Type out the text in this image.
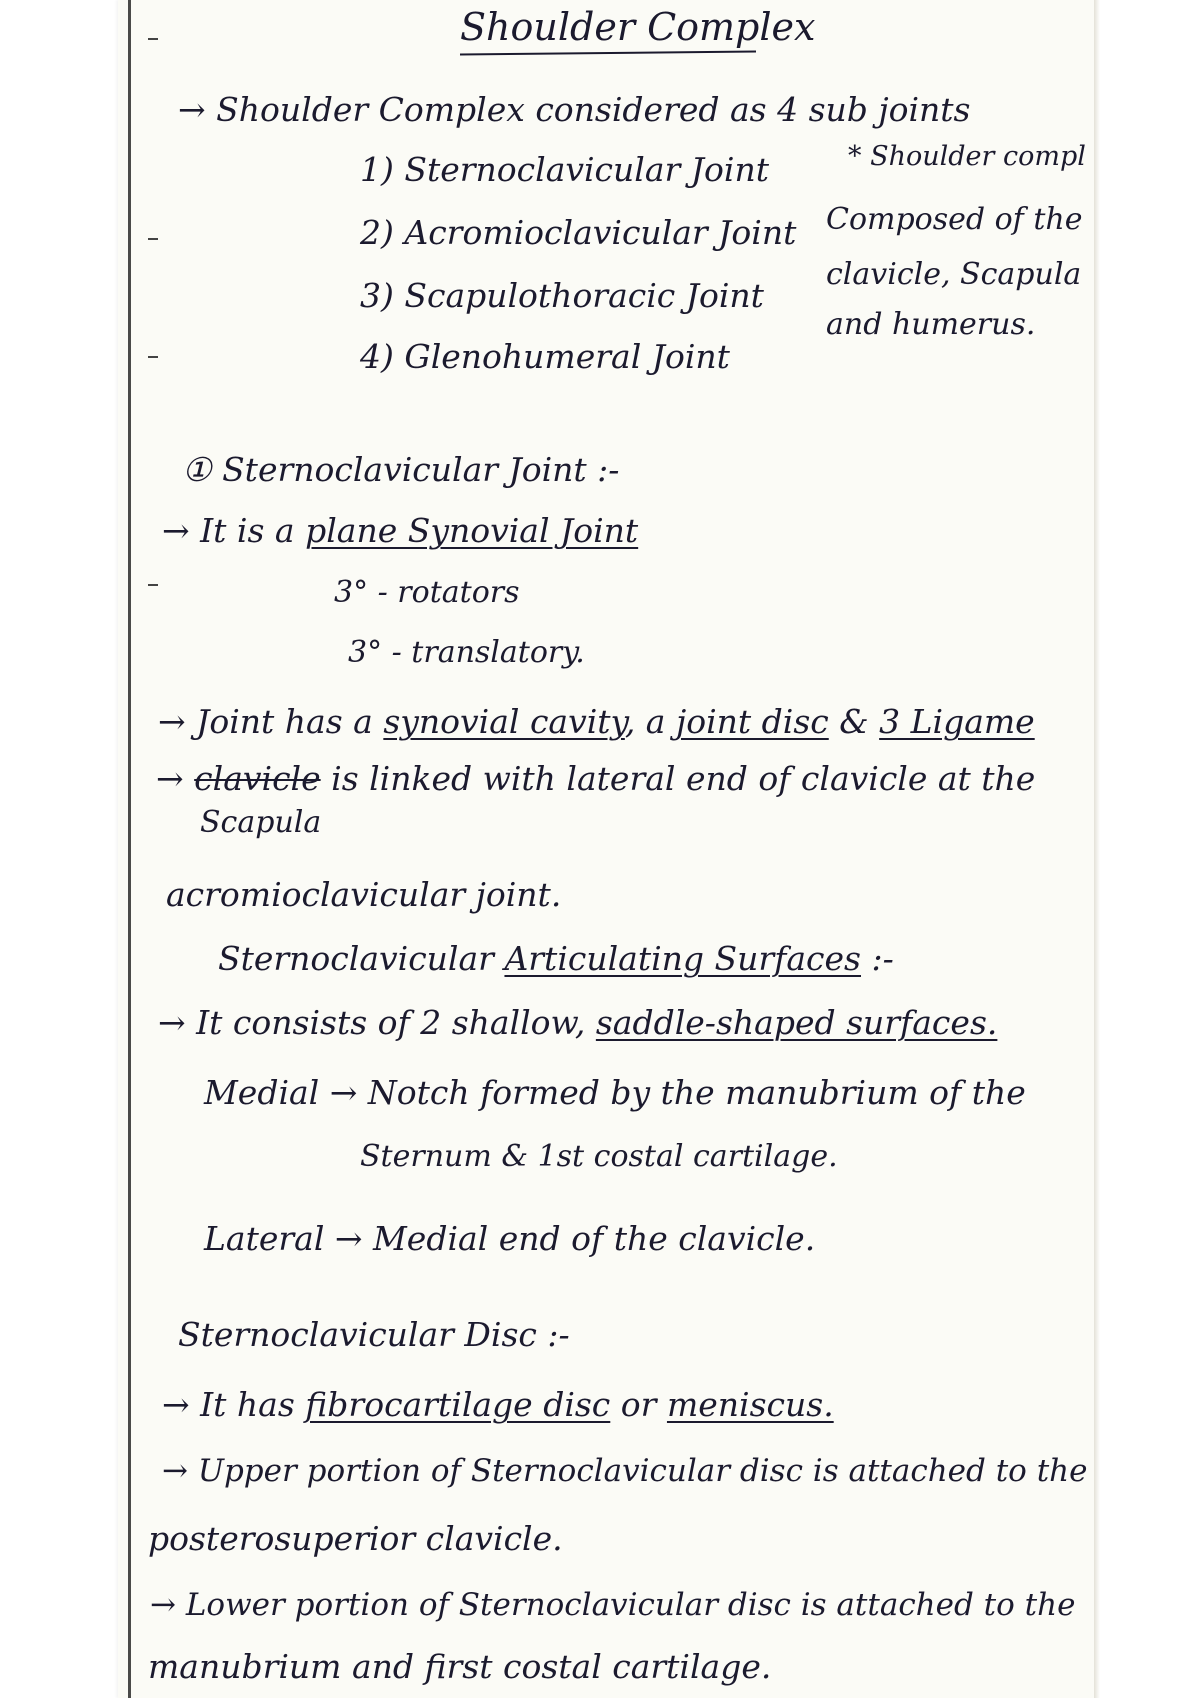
Shoulder Complex
→ Shoulder Complex considered as 4 sub joints
1) Sternoclavicular Joint
2) Acromioclavicular Joint
3) Scapulothoracic Joint
4) Glenohumeral Joint
* Shoulder compl
Composed of the
clavicle, Scapula
and humerus.
① Sternoclavicular Joint :-
→ It is a plane Synovial Joint
3° - rotators
3° - translatory.
→ Joint has a synovial cavity, a joint disc & 3 Ligame
→ clavicle is linked with lateral end of clavicle at the
Scapula
acromioclavicular joint.
Sternoclavicular Articulating Surfaces :-
→ It consists of 2 shallow, saddle-shaped surfaces.
Medial → Notch formed by the manubrium of the
Sternum & 1st costal cartilage.
Lateral → Medial end of the clavicle.
Sternoclavicular Disc :-
→ It has fibrocartilage disc or meniscus.
→ Upper portion of Sternoclavicular disc is attached to the
posterosuperior clavicle.
→ Lower portion of Sternoclavicular disc is attached to the
manubrium and first costal cartilage.
